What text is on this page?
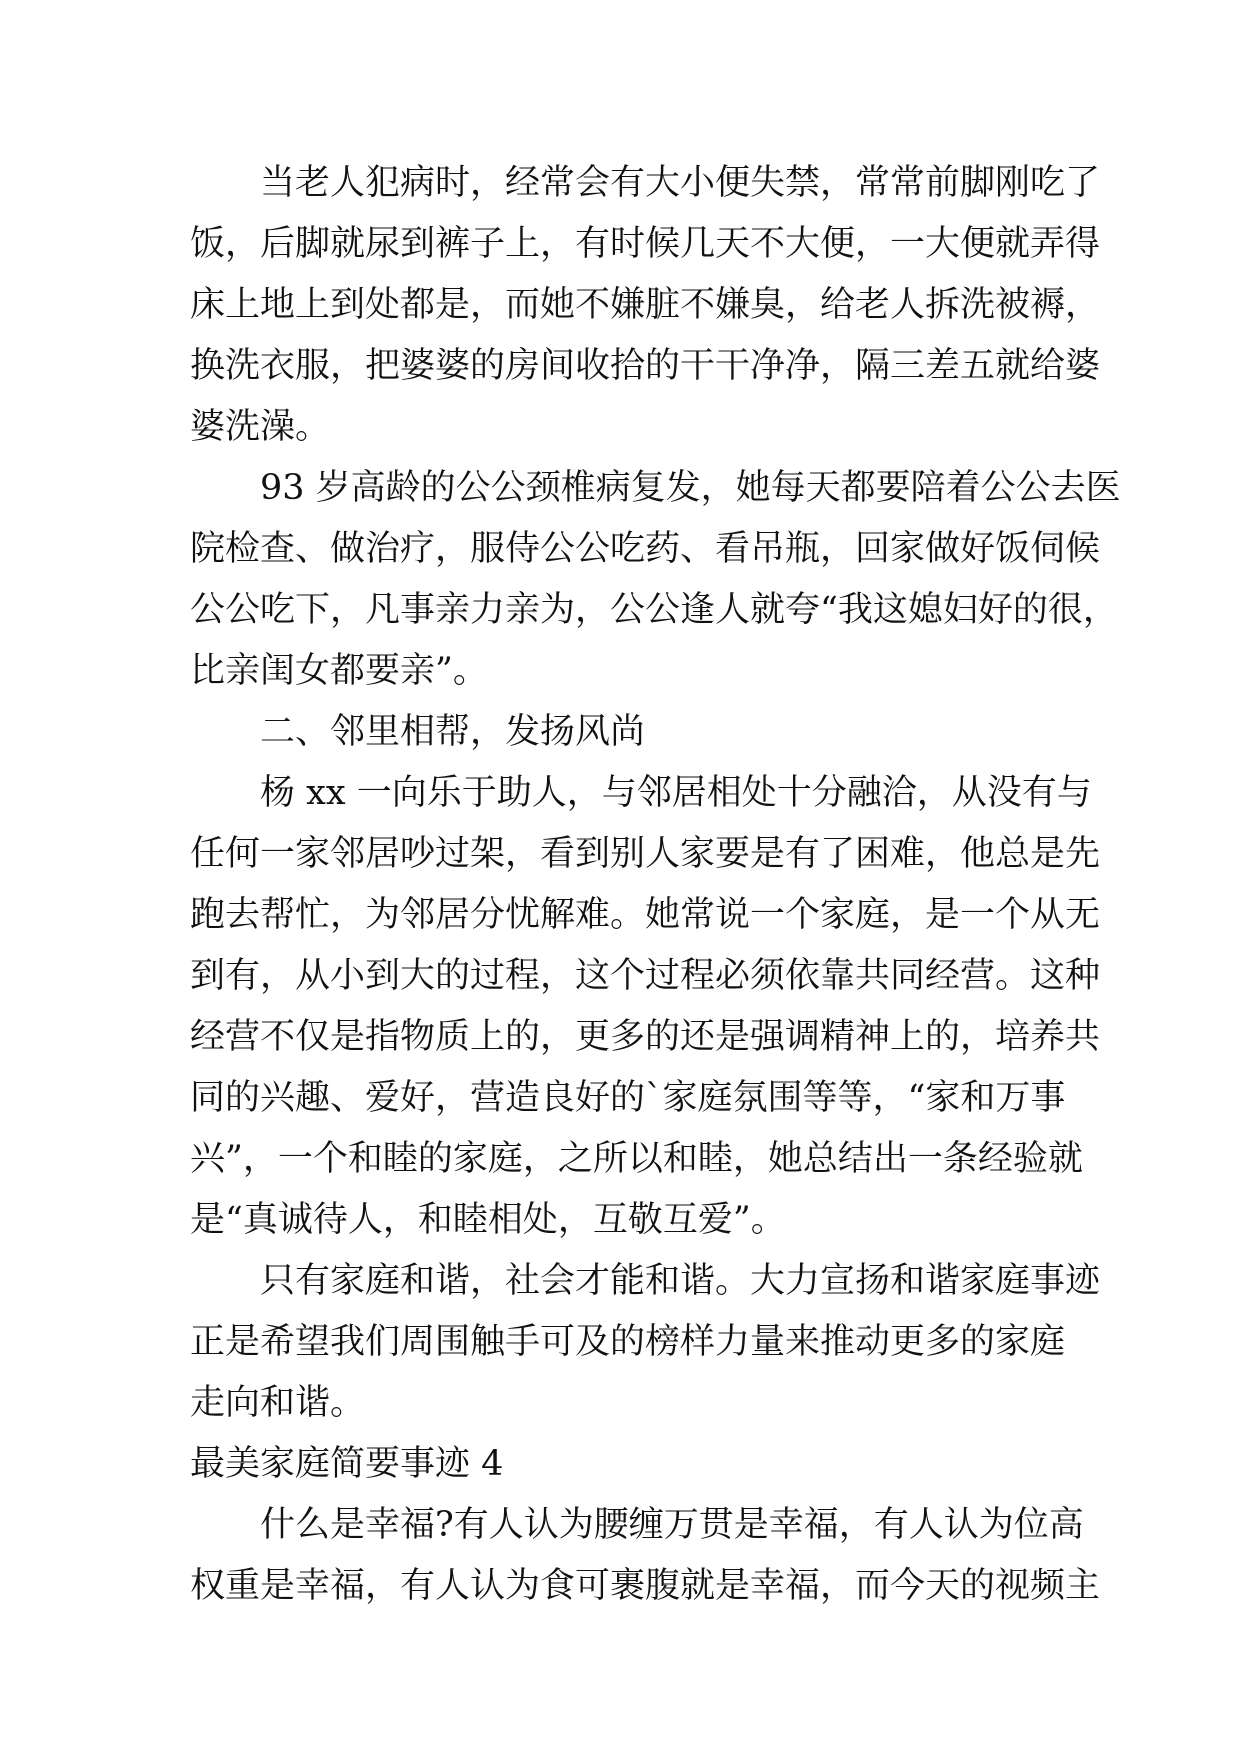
当老人犯病时，经常会有大小便失禁，常常前脚刚吃了
饭，后脚就尿到裤子上，有时候几天不大便，一大便就弄得
床上地上到处都是，而她不嫌脏不嫌臭，给老人拆洗被褥，
换洗衣服，把婆婆的房间收拾的干干净净，隔三差五就给婆
婆洗澡。
93 岁高龄的公公颈椎病复发，她每天都要陪着公公去医
院检查、做治疗，服侍公公吃药、看吊瓶，回家做好饭伺候
公公吃下，凡事亲力亲为，公公逢人就夸“我这媳妇好的很，
比亲闺女都要亲”。
二、邻里相帮，发扬风尚
杨 xx 一向乐于助人，与邻居相处十分融洽，从没有与
任何一家邻居吵过架，看到别人家要是有了困难，他总是先
跑去帮忙，为邻居分忧解难。她常说一个家庭，是一个从无
到有，从小到大的过程，这个过程必须依靠共同经营。这种
经营不仅是指物质上的，更多的还是强调精神上的，培养共
同的兴趣、爱好，营造良好的`家庭氛围等等，“家和万事
兴”，一个和睦的家庭，之所以和睦，她总结出一条经验就
是“真诚待人，和睦相处，互敬互爱”。
只有家庭和谐，社会才能和谐。大力宣扬和谐家庭事迹
正是希望我们周围触手可及的榜样力量来推动更多的家庭
走向和谐。
最美家庭简要事迹 4
什么是幸福?有人认为腰缠万贯是幸福，有人认为位高
权重是幸福，有人认为食可裹腹就是幸福，而今天的视频主
